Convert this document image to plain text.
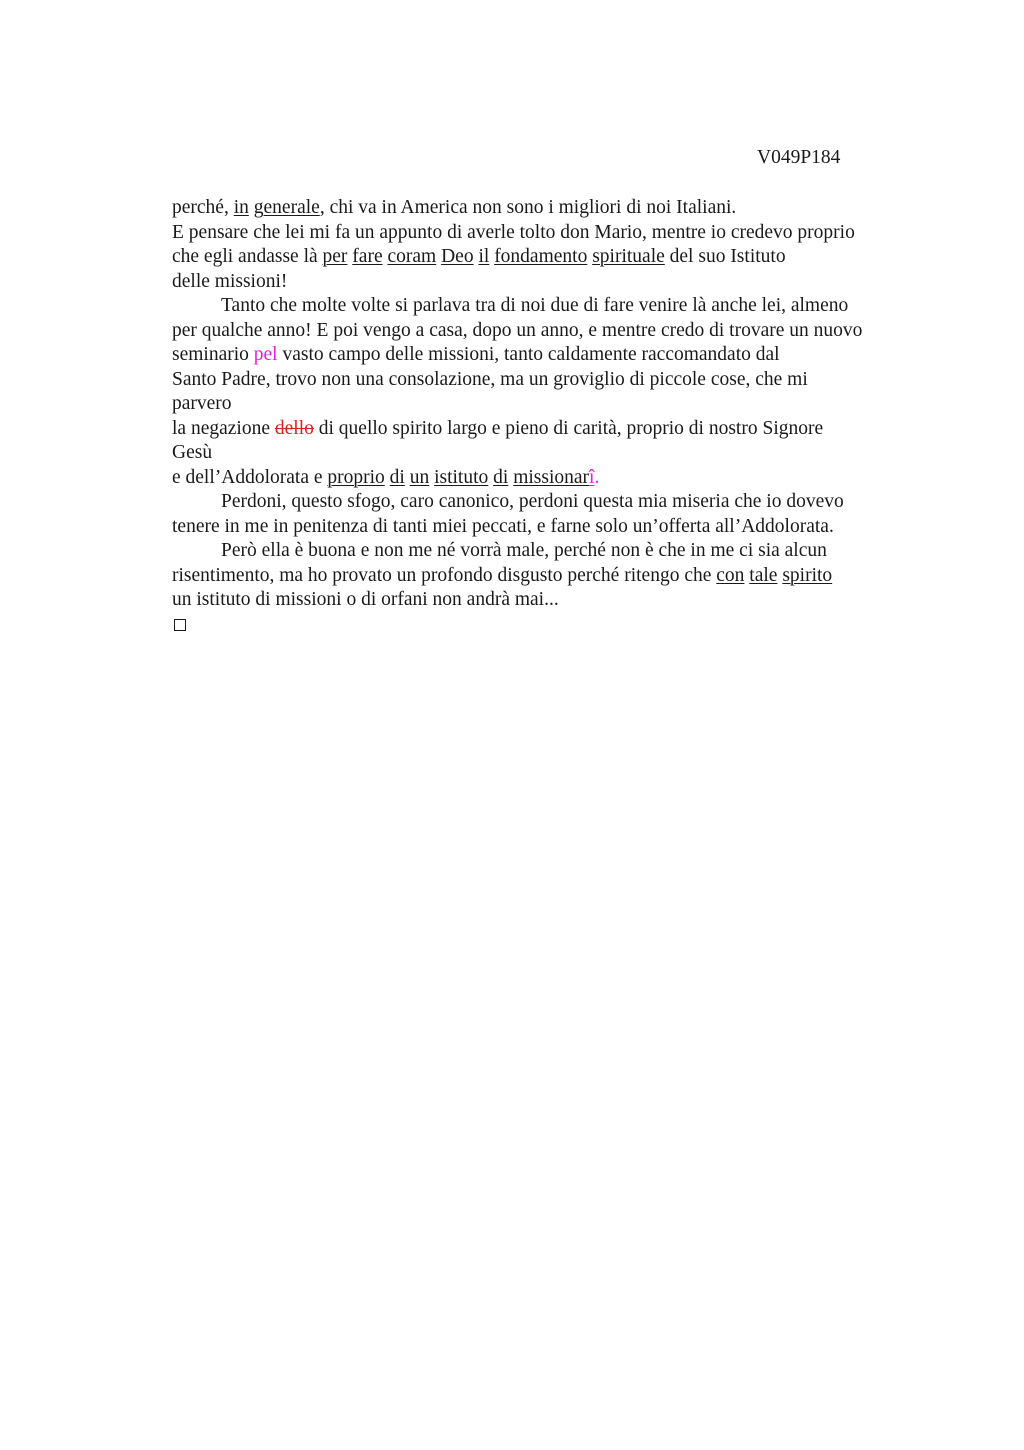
V049P184
perché, in generale, chi va in America non sono i migliori di noi Italiani.
E pensare che lei mi fa un appunto di averle tolto don Mario, mentre io credevo proprio
che egli andasse là per fare coram Deo il fondamento spirituale del suo Istituto
delle missioni!
Tanto che molte volte si parlava tra di noi due di fare venire là anche lei, almeno
per qualche anno! E poi vengo a casa, dopo un anno, e mentre credo di trovare un nuovo
seminario pel vasto campo delle missioni, tanto caldamente raccomandato dal
Santo Padre, trovo non una consolazione, ma un groviglio di piccole cose, che mi
parvero
la negazione dello di quello spirito largo e pieno di carità, proprio di nostro Signore
Gesù
e dell’Addolorata e proprio di un istituto di missionarî.
Perdoni, questo sfogo, caro canonico, perdoni questa mia miseria che io dovevo
tenere in me in penitenza di tanti miei peccati, e farne solo un’offerta all’Addolorata.
Però ella è buona e non me né vorrà male, perché non è che in me ci sia alcun
risentimento, ma ho provato un profondo disgusto perché ritengo che con tale spirito
un istituto di missioni o di orfani non andrà mai...
